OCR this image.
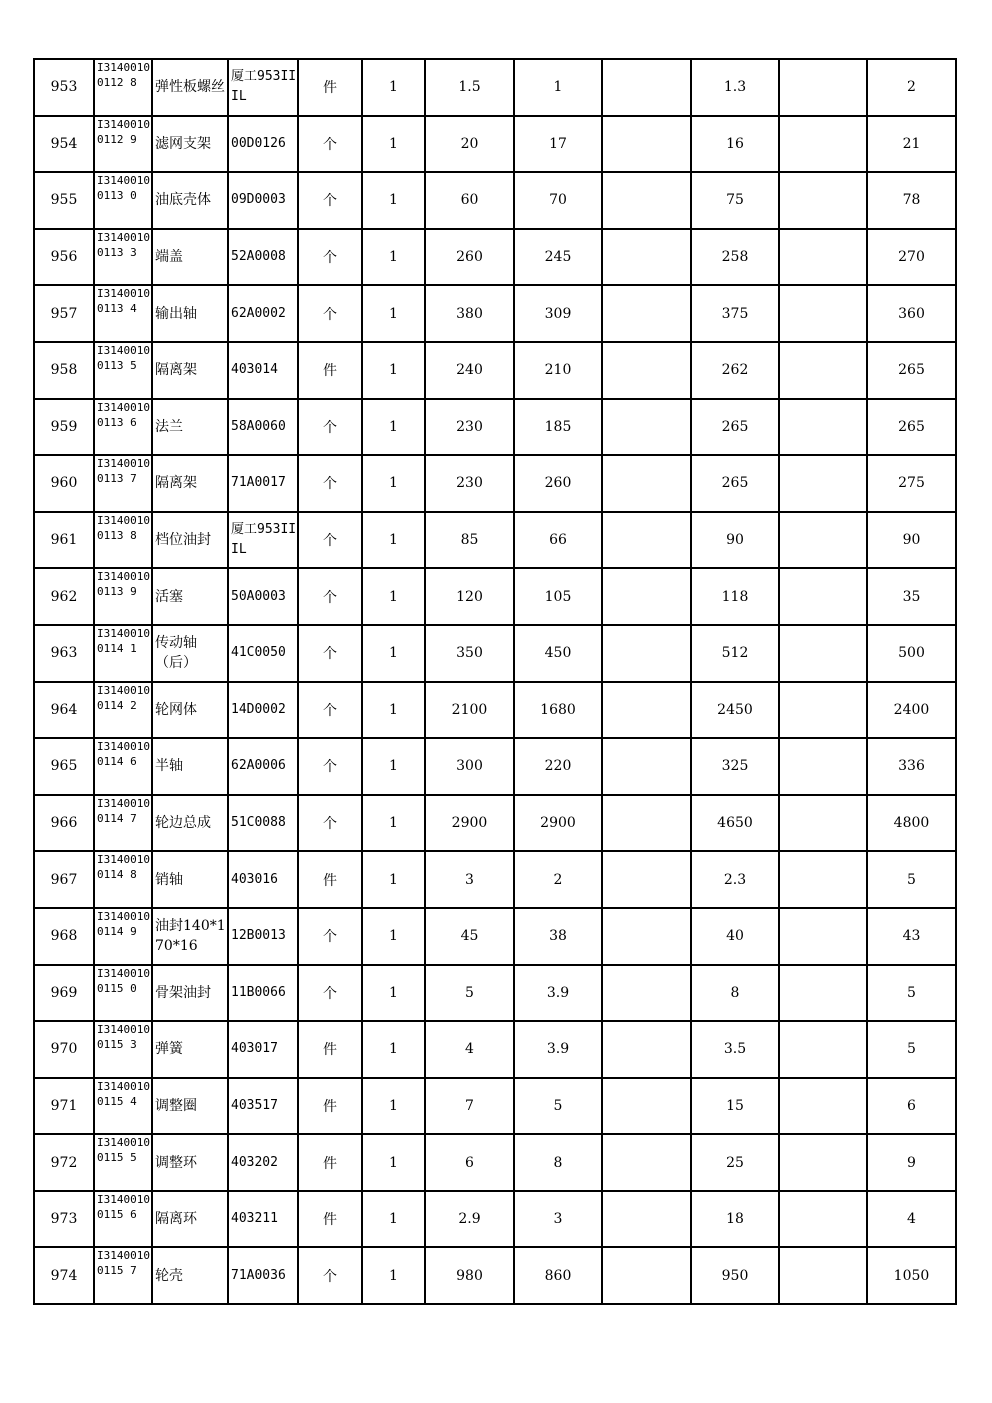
953	I31400100112 8	弹性板螺丝	厦工953IIIL	件	1	1.5	1		1.3		2
954	I31400100112 9	滤网支架	00D0126	个	1	20	17		16		21
955	I31400100113 0	油底壳体	09D0003	个	1	60	70		75		78
956	I31400100113 3	端盖	52A0008	个	1	260	245		258		270
957	I31400100113 4	输出轴	62A0002	个	1	380	309		375		360
958	I31400100113 5	隔离架	403014	件	1	240	210		262		265
959	I31400100113 6	法兰	58A0060	个	1	230	185		265		265
960	I31400100113 7	隔离架	71A0017	个	1	230	260		265		275
961	I31400100113 8	档位油封	厦工953IIIL	个	1	85	66		90		90
962	I31400100113 9	活塞	50A0003	个	1	120	105		118		35
963	I31400100114 1	传动轴（后）	41C0050	个	1	350	450		512		500
964	I31400100114 2	轮网体	14D0002	个	1	2100	1680		2450		2400
965	I31400100114 6	半轴	62A0006	个	1	300	220		325		336
966	I31400100114 7	轮边总成	51C0088	个	1	2900	2900		4650		4800
967	I31400100114 8	销轴	403016	件	1	3	2		2.3		5
968	I31400100114 9	油封140*170*16	12B0013	个	1	45	38		40		43
969	I31400100115 0	骨架油封	11B0066	个	1	5	3.9		8		5
970	I31400100115 3	弹簧	403017	件	1	4	3.9		3.5		5
971	I31400100115 4	调整圈	403517	件	1	7	5		15		6
972	I31400100115 5	调整环	403202	件	1	6	8		25		9
973	I31400100115 6	隔离环	403211	件	1	2.9	3		18		4
974	I31400100115 7	轮壳	71A0036	个	1	980	860		950		1050
